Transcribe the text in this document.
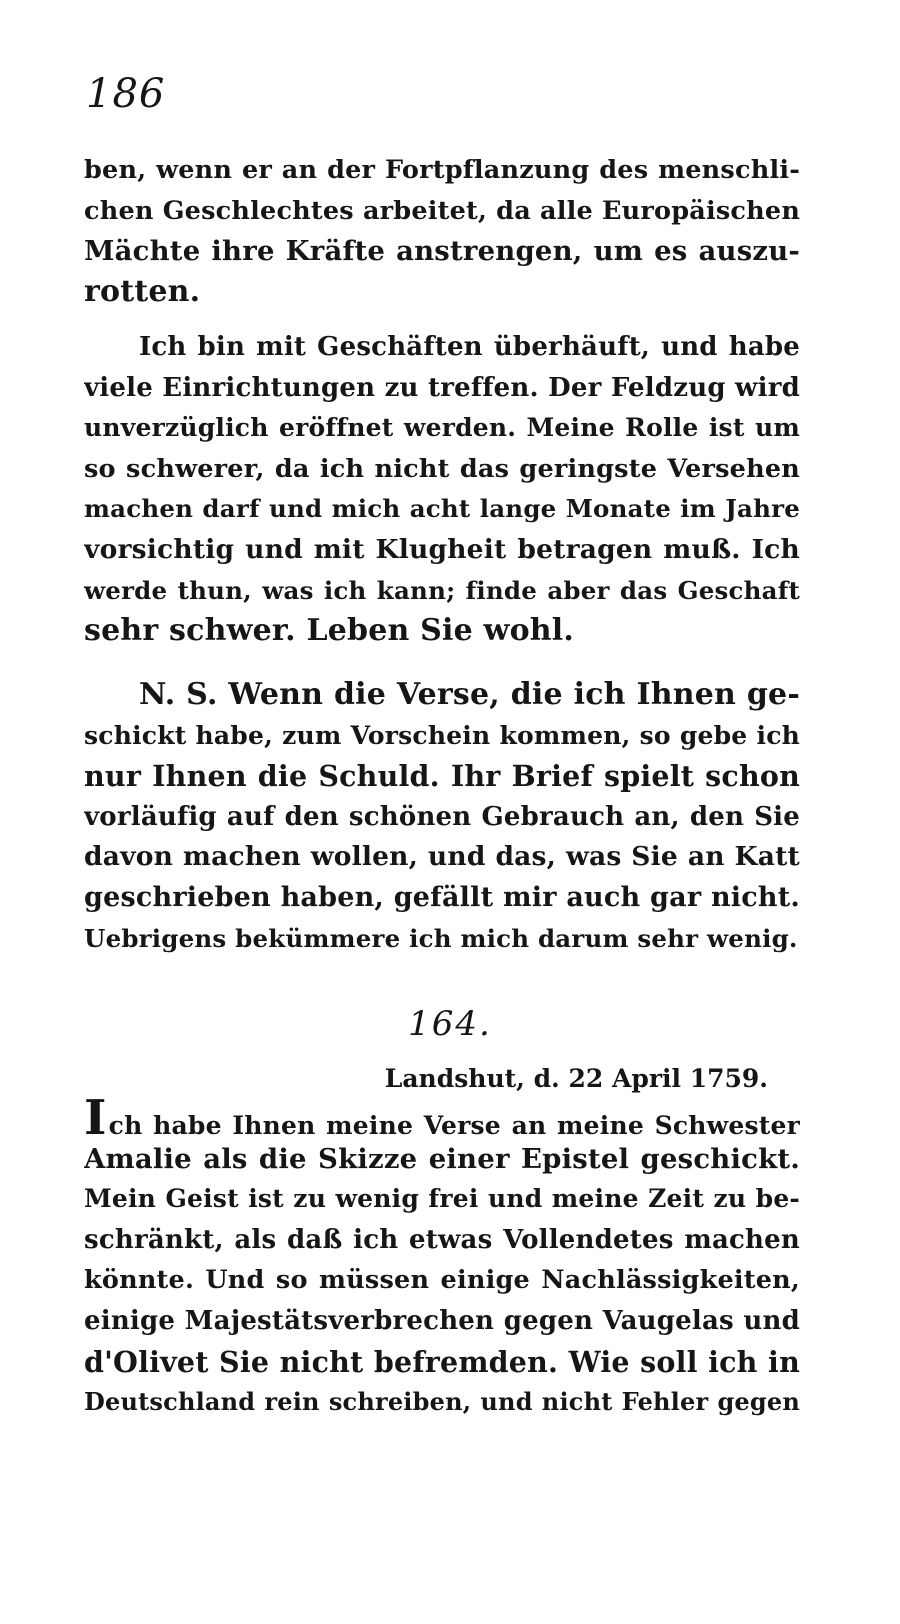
186
ben, wenn er an der Fortpflanzung des menschli-
chen Geschlechtes arbeitet, da alle Europäischen
Mächte ihre Kräfte anstrengen, um es auszu-
rotten.
Ich bin mit Geschäften überhäuft, und habe
viele Einrichtungen zu treffen. Der Feldzug wird
unverzüglich eröffnet werden. Meine Rolle ist um
so schwerer, da ich nicht das geringste Versehen
machen darf und mich acht lange Monate im Jahre
vorsichtig und mit Klugheit betragen muß. Ich
werde thun, was ich kann; finde aber das Geschaft
sehr schwer. Leben Sie wohl.
N. S. Wenn die Verse, die ich Ihnen ge-
schickt habe, zum Vorschein kommen, so gebe ich
nur Ihnen die Schuld. Ihr Brief spielt schon
vorläufig auf den schönen Gebrauch an, den Sie
davon machen wollen, und das, was Sie an Katt
geschrieben haben, gefällt mir auch gar nicht.
Uebrigens bekümmere ich mich darum sehr wenig.
164.
Landshut, d. 22 April 1759.
Ich habe Ihnen meine Verse an meine Schwester
Amalie als die Skizze einer Epistel geschickt.
Mein Geist ist zu wenig frei und meine Zeit zu be-
schränkt, als daß ich etwas Vollendetes machen
könnte. Und so müssen einige Nachlässigkeiten,
einige Majestätsverbrechen gegen Vaugelas und
d'Olivet Sie nicht befremden. Wie soll ich in
Deutschland rein schreiben, und nicht Fehler gegen
